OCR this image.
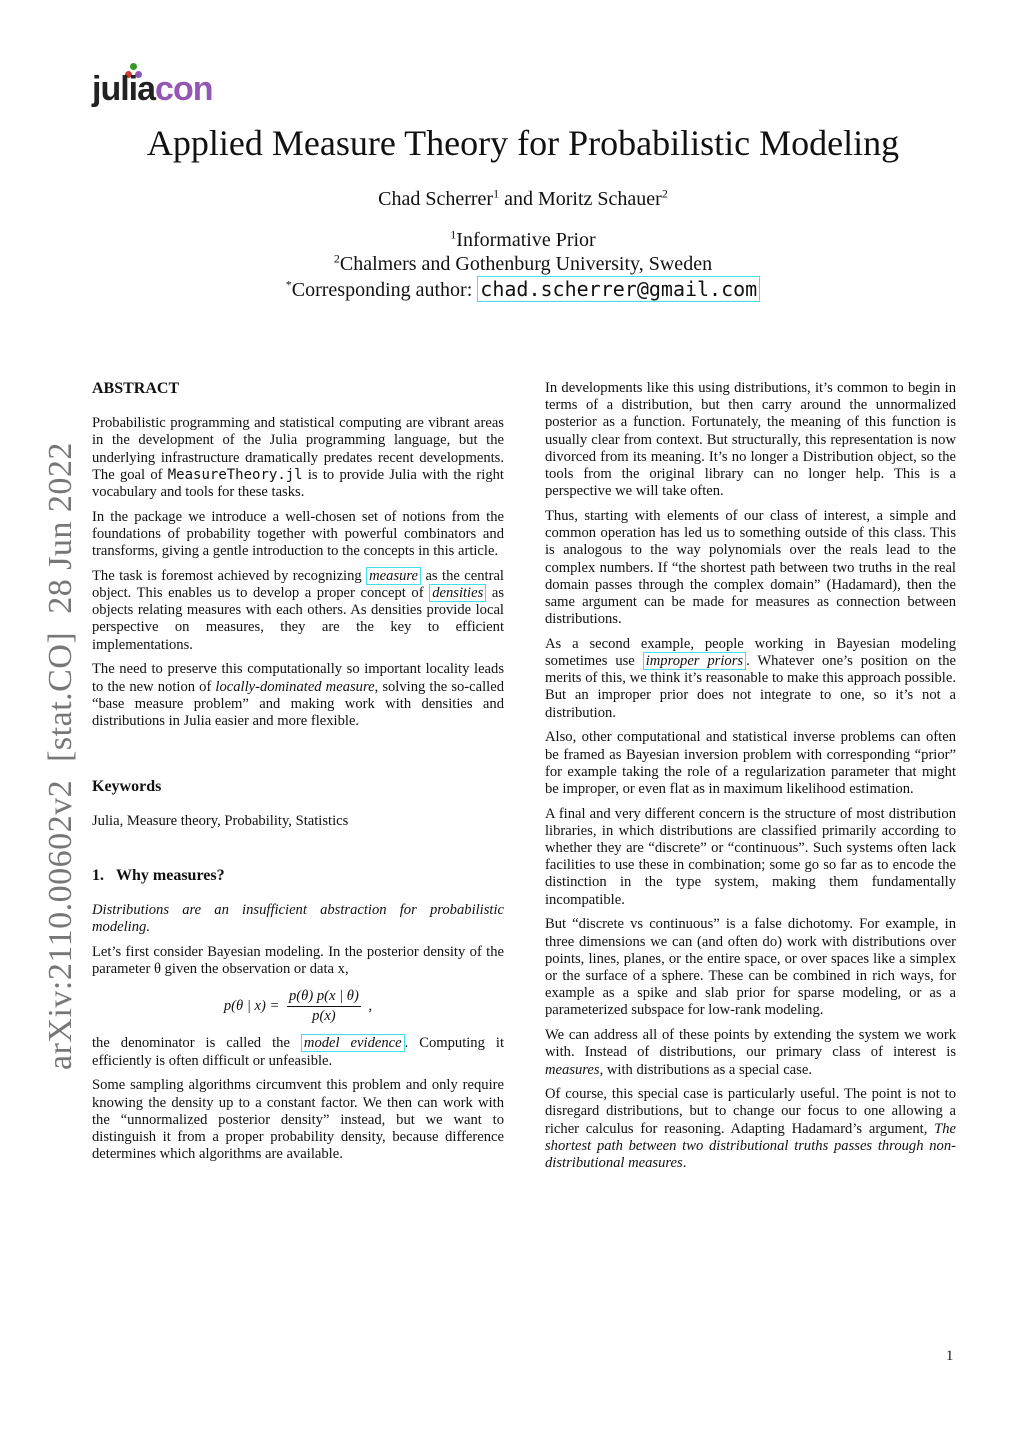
juliacon
arXiv:2110.00602v2[stat.CO]28 Jun 2022
Applied Measure Theory for Probabilistic Modeling
Chad Scherrer$^1$ and Moritz Schauer$^2$
$^1$Informative Prior
$^2$Chalmers and Gothenburg University, Sweden
*Corresponding author: chad.scherrer@gmail.com
ABSTRACT

Probabilistic programming and statistical computing are vibrant areas in the development of the Julia programming language, but the underlying infrastructure dramatically predates recent developments. The goal of MeasureTheory.jl is to provide Julia with the right vocabulary and tools for these tasks.

In the package we introduce a well-chosen set of notions from the foundations of probability together with powerful combinators and transforms, giving a gentle introduction to the concepts in this article.

The task is foremost achieved by recognizing measure as the central object. This enables us to develop a proper concept of densities as objects relating measures with each others. As densities provide local perspective on measures, they are the key to efficient implementations.

The need to preserve this computationally so important locality leads to the new notion of locally-dominated measure, solving the so-called “base measure problem” and making work with densities and distributions in Julia easier and more flexible.

Keywords
Julia, Measure theory, Probability, Statistics
1. Why measures?

Distributions are an insufficient abstraction for probabilistic modeling.

Let’s first consider Bayesian modeling. In the posterior density of the parameter θ given the observation or data x,

p(θ | $x) = \frac{p(\theta) p(x | \theta)}{p(x)}$ ,

the denominator is called the model evidence . Computing it efficiently is often difficult or unfeasible.

Some sampling algorithms circumvent this problem and only require knowing the density up to a constant factor. We then can work with the “unnormalized posterior density” instead, but we want to distinguish it from a proper probability density, because difference determines which algorithms are available.

In developments like this using distributions, it’s common to begin in terms of a distribution, but then carry around the unnormalized posterior as a function. Fortunately, the meaning of this function is usually clear from context. But structurally, this representation is now divorced from its meaning. It’s no longer a Distribution object, so the tools from the original library can no longer help. This is a perspective we will take often.

Thus, starting with elements of our class of interest, a simple and common operation has led us to something outside of this class. This is analogous to the way polynomials over the reals lead to the complex numbers. If “the shortest path between two truths in the real domain passes through the complex domain” (Hadamard), then the same argument can be made for measures as connection between distributions.

As a second example, people working in Bayesian modeling sometimes use improper priors . Whatever one’s position on the merits of this, we think it’s reasonable to make this approach possible. But an improper prior does not integrate to one, so it’s not a distribution.

Also, other computational and statistical inverse problems can often be framed as Bayesian inversion problem with corresponding “prior” for example taking the role of a regularization parameter that might be improper, or even flat as in maximum likelihood estimation.

A final and very different concern is the structure of most distribution libraries, in which distributions are classified primarily according to whether they are “discrete” or “continuous”. Such systems often lack facilities to use these in combination; some go so far as to encode the distinction in the type system, making them fundamentally incompatible.

But “discrete vs continuous” is a false dichotomy. For example, in three dimensions we can (and often do) work with distributions over points, lines, planes, or the entire space, or over spaces like a simplex or the surface of a sphere. These can be combined in rich ways, for example as a spike and slab prior for sparse modeling, or as a parameterized subspace for low-rank modeling.

We can address all of these points by extending the system we work with. Instead of distributions, our primary class of interest is measures, with distributions as a special case.

Of course, this special case is particularly useful. The point is not to disregard distributions, but to change our focus to one allowing a richer calculus for reasoning. Adapting Hadamard’s argument, The shortest path between two distributional truths passes through non-distributional measures.

1
